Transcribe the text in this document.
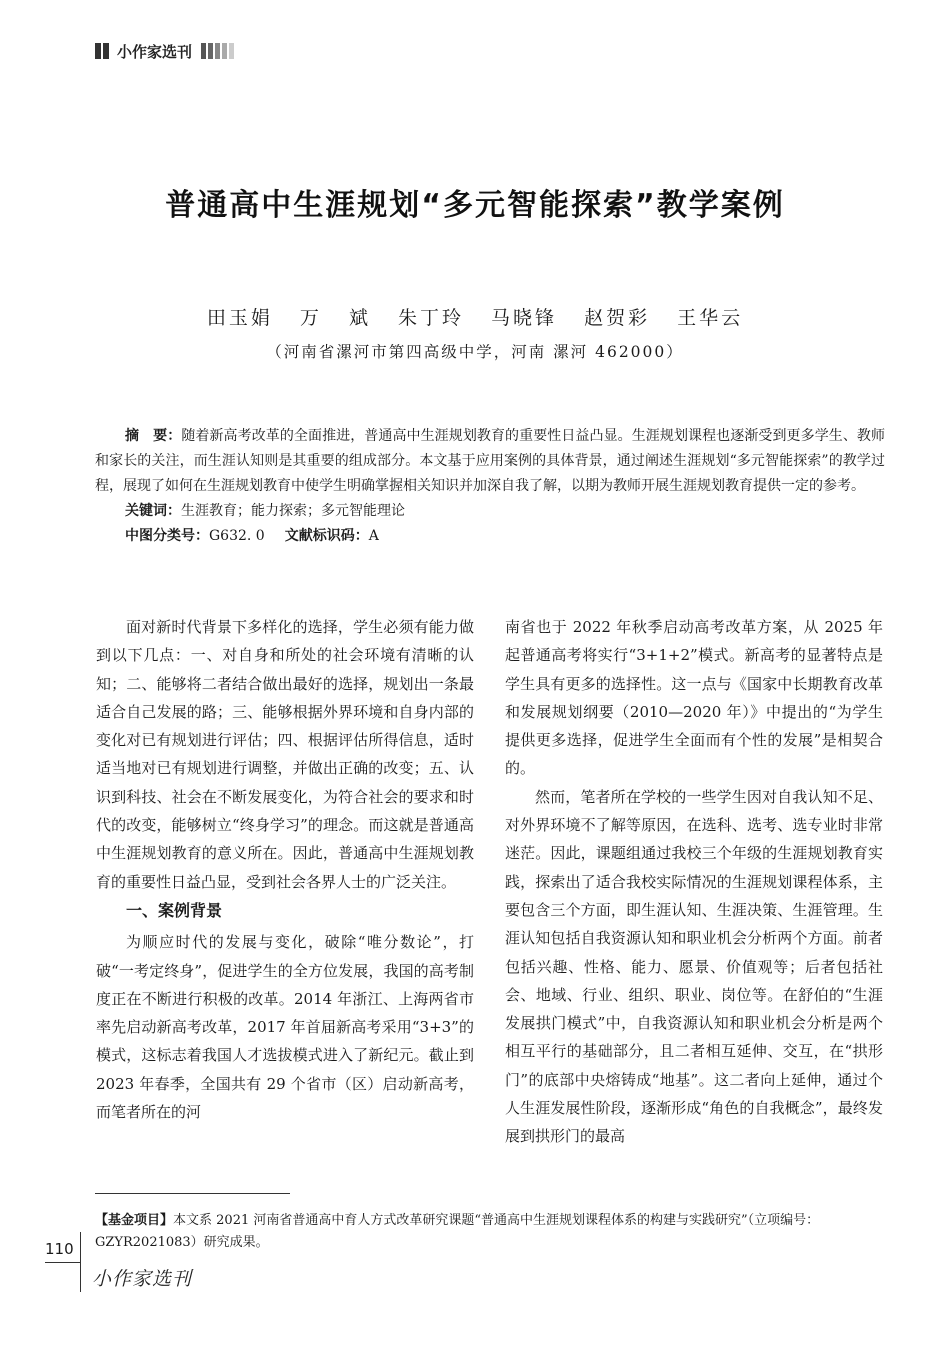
小作家选刊
普通高中生涯规划“多元智能探索”教学案例
田玉娟 万 斌 朱丁玲 马晓锋 赵贺彩 王华云
（河南省漯河市第四高级中学，河南 漯河 462000）

摘　要：随着新高考改革的全面推进，普通高中生涯规划教育的重要性日益凸显。生涯规划课程也逐渐受到更多学生、教师和家长的关注，而生涯认知则是其重要的组成部分。本文基于应用案例的具体背景，通过阐述生涯规划“多元智能探索”的教学过程，展现了如何在生涯规划教育中使学生明确掌握相关知识并加深自我了解，以期为教师开展生涯规划教育提供一定的参考。

关键词：生涯教育；能力探索；多元智能理论

中图分类号：G632. 0 文献标识码：A

面对新时代背景下多样化的选择，学生必须有能力做到以下几点：一、对自身和所处的社会环境有清晰的认知；二、能够将二者结合做出最好的选择，规划出一条最适合自己发展的路；三、能够根据外界环境和自身内部的变化对已有规划进行评估；四、根据评估所得信息，适时适当地对已有规划进行调整，并做出正确的改变；五、认识到科技、社会在不断发展变化，为符合社会的要求和时代的改变，能够树立“终身学习”的理念。而这就是普通高中生涯规划教育的意义所在。因此，普通高中生涯规划教育的重要性日益凸显，受到社会各界人士的广泛关注。

一、案例背景

为顺应时代的发展与变化，破除“唯分数论”，打破“一考定终身”，促进学生的全方位发展，我国的高考制度正在不断进行积极的改革。2014 年浙江、上海两省市率先启动新高考改革，2017 年首届新高考采用“3+3”的模式，这标志着我国人才选拔模式进入了新纪元。截止到 2023 年春季，全国共有 29 个省市（区）启动新高考，而笔者所在的河

南省也于 2022 年秋季启动高考改革方案，从 2025 年起普通高考将实行“3+1+2”模式。新高考的显著特点是学生具有更多的选择性。这一点与《国家中长期教育改革和发展规划纲要（2010—2020 年）》中提出的“为学生提供更多选择，促进学生全面而有个性的发展”是相契合的。

然而，笔者所在学校的一些学生因对自我认知不足、对外界环境不了解等原因，在选科、选考、选专业时非常迷茫。因此，课题组通过我校三个年级的生涯规划教育实践，探索出了适合我校实际情况的生涯规划课程体系，主要包含三个方面，即生涯认知、生涯决策、生涯管理。生涯认知包括自我资源认知和职业机会分析两个方面。前者包括兴趣、性格、能力、愿景、价值观等；后者包括社会、地域、行业、组织、职业、岗位等。在舒伯的“生涯发展拱门模式”中，自我资源认知和职业机会分析是两个相互平行的基础部分，且二者相互延伸、交互，在“拱形门”的底部中央熔铸成“地基”。这二者向上延伸，通过个人生涯发展性阶段，逐渐形成“角色的自我概念”，最终发展到拱形门的最高

【基金项目】本文系 2021 河南省普通高中育人方式改革研究课题“普通高中生涯规划课程体系的构建与实践研究”（立项编号：GZYR2021083）研究成果。
110
小作家选刊
